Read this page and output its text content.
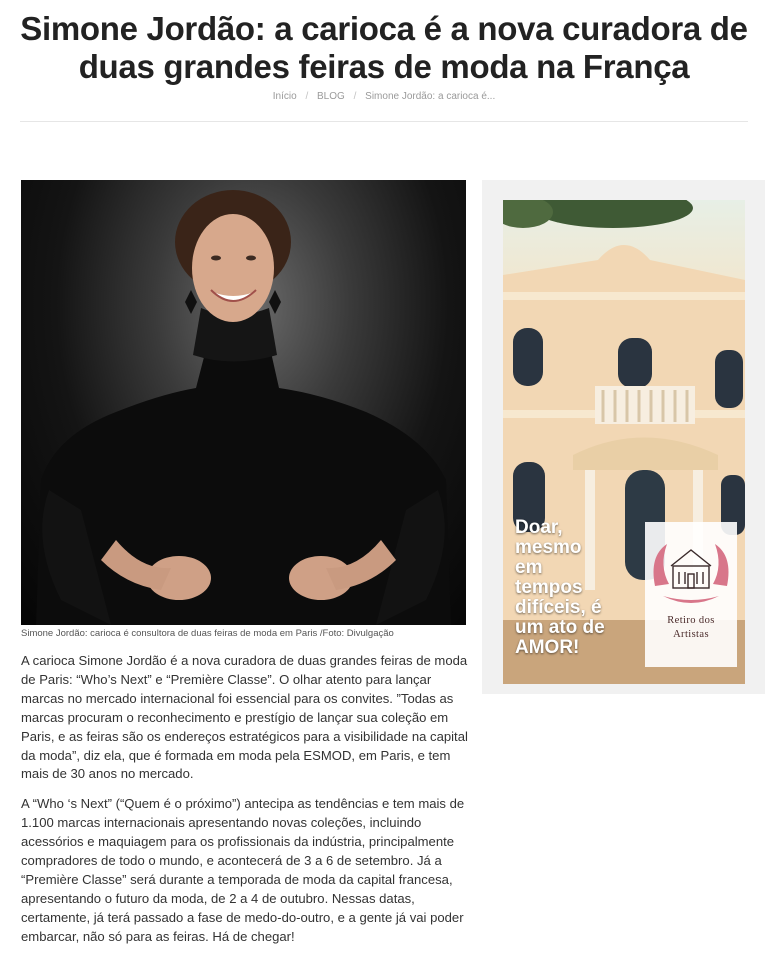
Simone Jordão: a carioca é a nova curadora de
duas grandes feiras de moda na França
Início / BLOG / Simone Jordão: a carioca é...
Simone Jordão: carioca é consultora de duas feiras de moda em Paris /Foto: Divulgação

A carioca Simone Jordão é a nova curadora de duas grandes feiras de moda de Paris: “Who’s Next” e “Première Classe”. O olhar atento para lançar marcas no mercado internacional foi essencial para os convites. ”Todas as marcas procuram o reconhecimento e prestígio de lançar sua coleção em Paris, e as feiras são os endereços estratégicos para a visibilidade na capital da moda”, diz ela, que é formada em moda pela ESMOD, em Paris, e tem mais de 30 anos no mercado.

A “Who ‘s Next” (“Quem é o próximo”) antecipa as tendências e tem mais de 1.100 marcas internacionais apresentando novas coleções, incluindo acessórios e maquiagem para os profissionais da indústria, principalmente compradores de todo o mundo, e acontecerá de 3 a 6 de setembro. Já a “Première Classe” será durante a temporada de moda da capital francesa, apresentando o futuro da moda, de 2 a 4 de outubro. Nessas datas, certamente, já terá passado a fase de medo-do-outro, e a gente já vai poder embarcar, não só para as feiras. Há de chegar!

Doar,
mesmo
em
tempos
difíceis, é
um ato de
AMOR!
Retiro dos
Artistas
